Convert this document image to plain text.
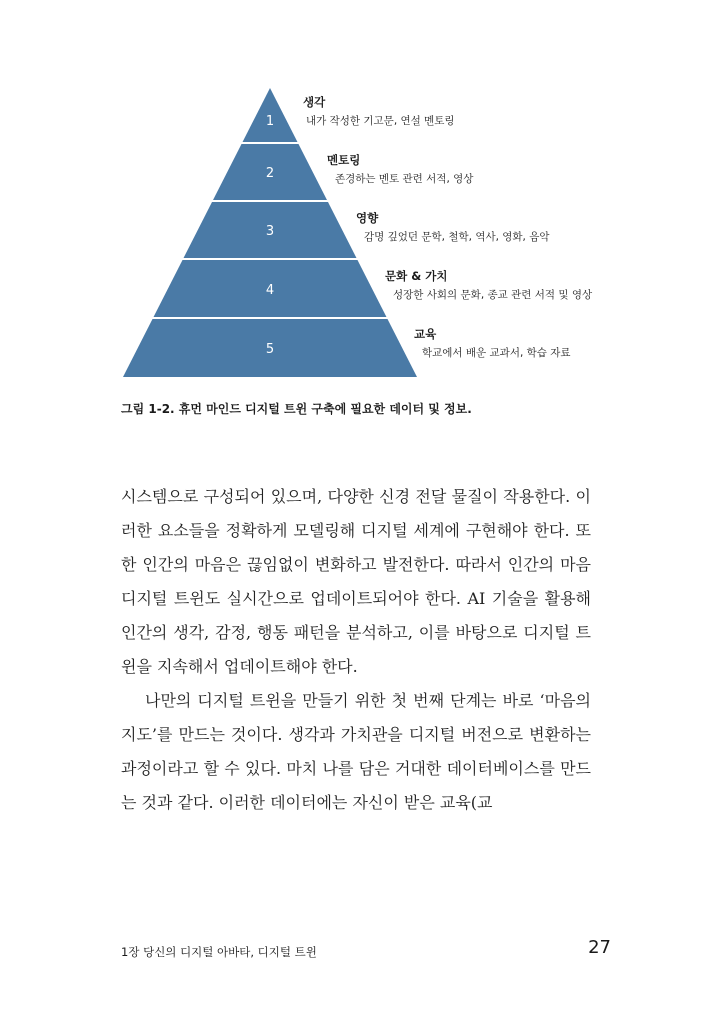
1
2
3
4
5
생각
내가 작성한 기고문, 연설 멘토링
멘토링
존경하는 멘토 관련 서적, 영상
영향
감명 깊었던 문학, 철학, 역사, 영화, 음악
문화 & 가치
성장한 사회의 문화, 종교 관련 서적 및 영상
교육
학교에서 배운 교과서, 학습 자료

그림 1-2. 휴먼 마인드 디지털 트윈 구축에 필요한 데이터 및 정보.

시스템으로 구성되어 있으며, 다양한 신경 전달 물질이 작용한다. 이러한 요소들을 정확하게 모델링해 디지털 세계에 구현해야 한다. 또한 인간의 마음은 끊임없이 변화하고 발전한다. 따라서 인간의 마음 디지털 트윈도 실시간으로 업데이트되어야 한다. AI 기술을 활용해 인간의 생각, 감정, 행동 패턴을 분석하고, 이를 바탕으로 디지털 트윈을 지속해서 업데이트해야 한다.

나만의 디지털 트윈을 만들기 위한 첫 번째 단계는 바로 ‘마음의 지도’를 만드는 것이다. 생각과 가치관을 디지털 버전으로 변환하는 과정이라고 할 수 있다. 마치 나를 담은 거대한 데이터베이스를 만드는 것과 같다. 이러한 데이터에는 자신이 받은 교육(교

1장 당신의 디지털 아바타, 디지털 트윈	27
